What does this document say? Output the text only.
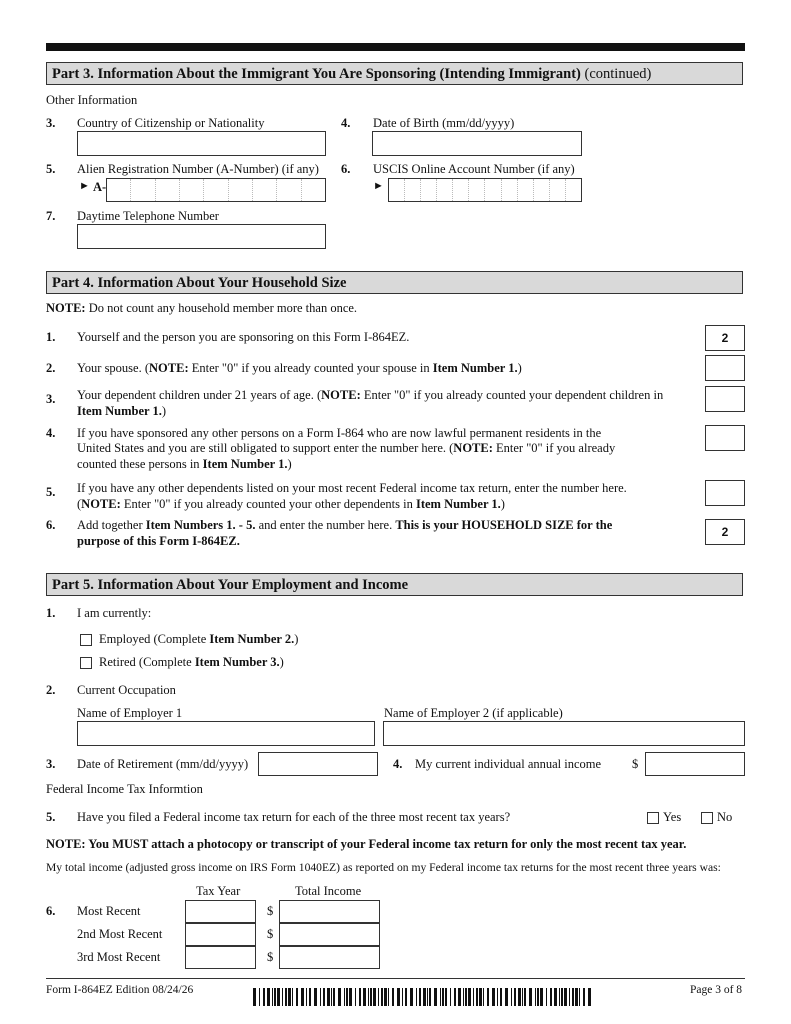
Part 3. Information About the Immigrant You Are Sponsoring (Intending Immigrant) (continued)
Other Information
3. Country of Citizenship or Nationality	4. Date of Birth (mm/dd/yyyy)
5. Alien Registration Number (A-Number) (if any)
► A-
6. USCIS Online Account Number (if any)
►
7. Daytime Telephone Number
Part 4. Information About Your Household Size
NOTE: Do not count any household member more than once.
1. Yourself and the person you are sponsoring on this Form I-864EZ.	2
2. Your spouse. (NOTE: Enter "0" if you already counted your spouse in Item Number 1.)
3. Your dependent children under 21 years of age. (NOTE: Enter "0" if you already counted your dependent children in
Item Number 1.)
4. If you have sponsored any other persons on a Form I-864 who are now lawful permanent residents in the
United States and you are still obligated to support enter the number here. (NOTE: Enter "0" if you already
counted these persons in Item Number 1.)
5. If you have any other dependents listed on your most recent Federal income tax return, enter the number here.
(NOTE: Enter "0" if you already counted your other dependents in Item Number 1.)
6. Add together Item Numbers 1. - 5. and enter the number here. This is your HOUSEHOLD SIZE for the
purpose of this Form I-864EZ.
2
Part 5. Information About Your Employment and Income
1. I am currently:
Employed (Complete Item Number 2.)
Retired (Complete Item Number 3.)
2. Current Occupation
Name of Employer 1	Name of Employer 2 (if applicable)
3. Date of Retirement (mm/dd/yyyy)	4. My current individual annual income $
Federal Income Tax Informtion
5. Have you filed a Federal income tax return for each of the three most recent tax years?	Yes	No
NOTE: You MUST attach a photocopy or transcript of your Federal income tax return for only the most recent tax year.
My total income (adjusted gross income on IRS Form 1040EZ) as reported on my Federal income tax returns for the most recent three years was:
Tax Year	Total Income
6. Most Recent	$
2nd Most Recent	$
3rd Most Recent	$
Form I-864EZ Edition 08/24/26	Page 3 of 8
